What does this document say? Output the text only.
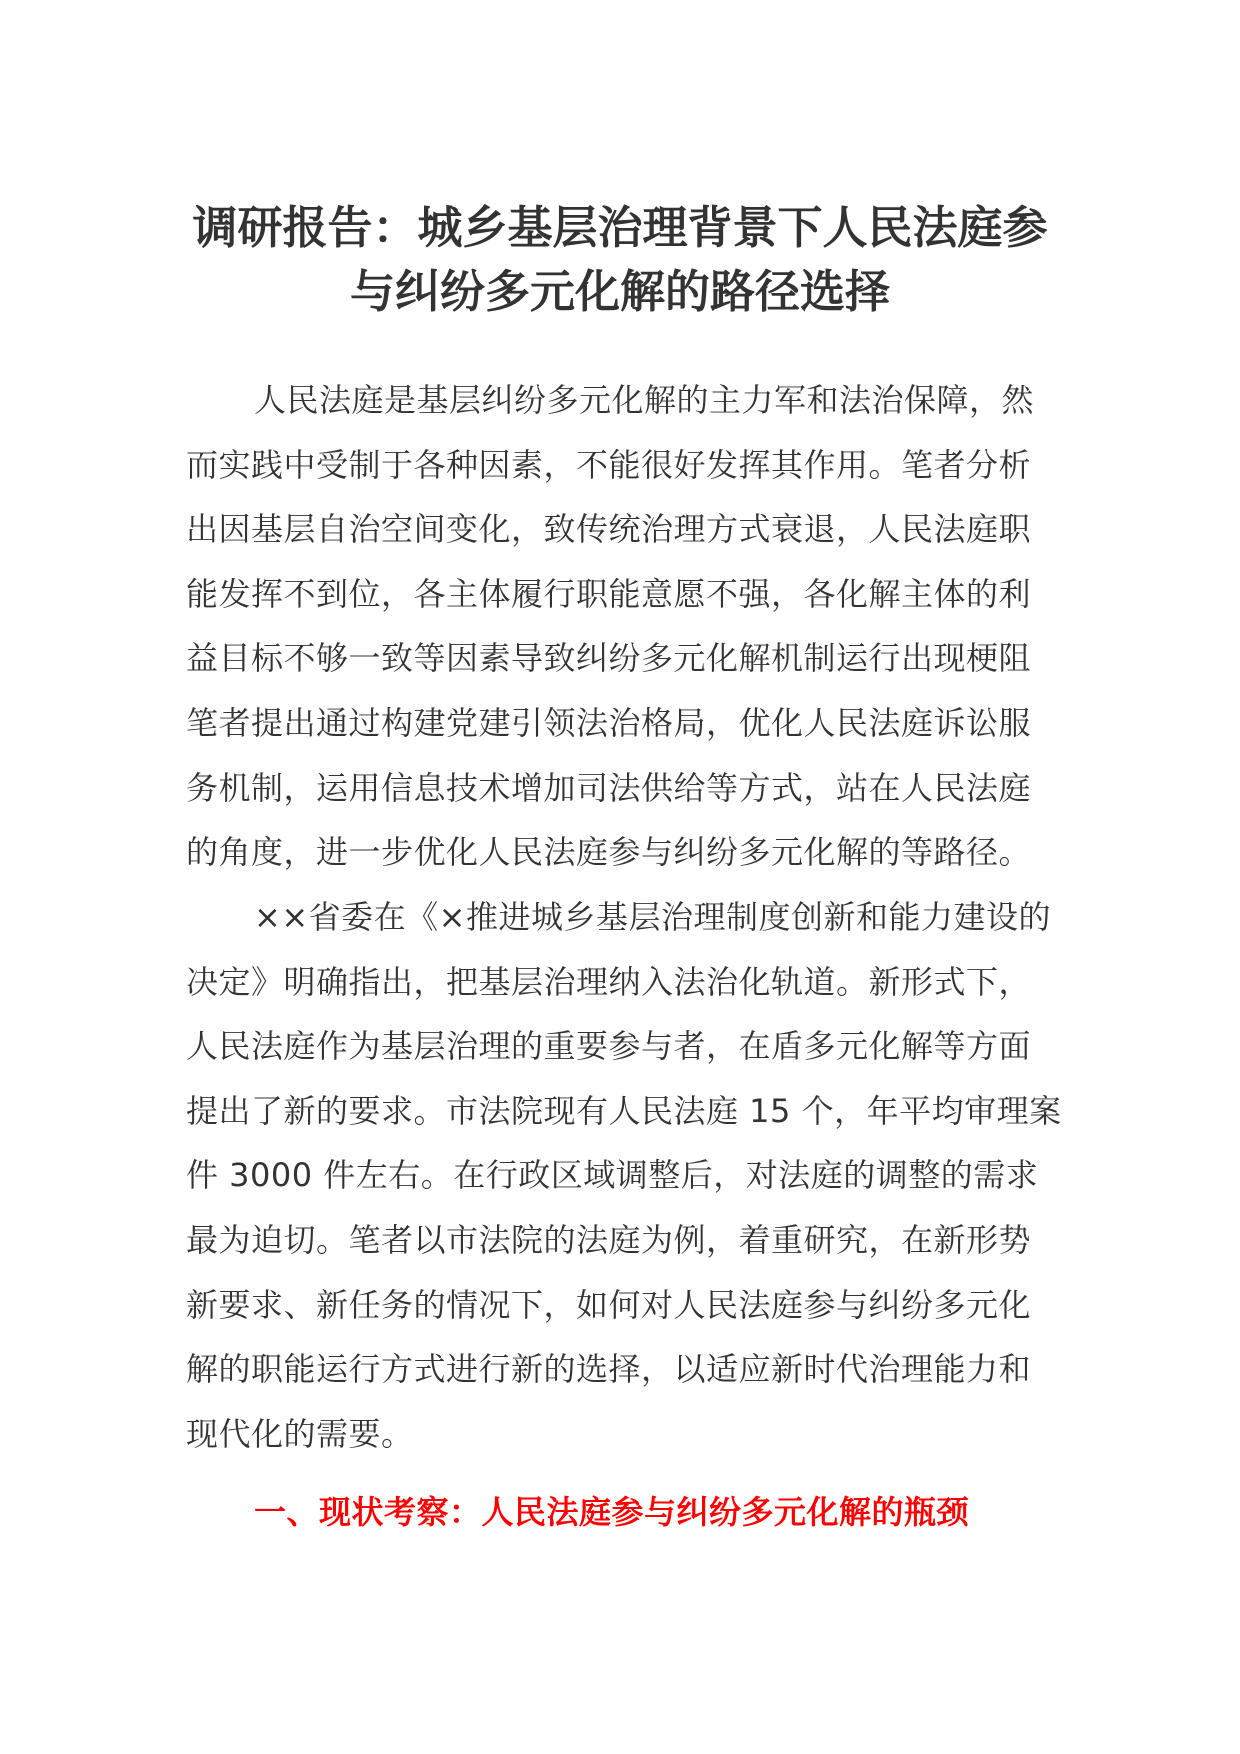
调研报告：城乡基层治理背景下人民法庭参
与纠纷多元化解的路径选择
人民法庭是基层纠纷多元化解的主力军和法治保障，然
而实践中受制于各种因素，不能很好发挥其作用。笔者分析
出因基层自治空间变化，致传统治理方式衰退，人民法庭职
能发挥不到位，各主体履行职能意愿不强，各化解主体的利
益目标不够一致等因素导致纠纷多元化解机制运行出现梗阻
笔者提出通过构建党建引领法治格局，优化人民法庭诉讼服
务机制，运用信息技术增加司法供给等方式，站在人民法庭
的角度，进一步优化人民法庭参与纠纷多元化解的等路径。
××省委在《×推进城乡基层治理制度创新和能力建设的
决定》明确指出，把基层治理纳入法治化轨道。新形式下，
人民法庭作为基层治理的重要参与者，在盾多元化解等方面
提出了新的要求。市法院现有人民法庭 15 个，年平均审理案
件 3000 件左右。在行政区域调整后，对法庭的调整的需求
最为迫切。笔者以市法院的法庭为例，着重研究，在新形势
新要求、新任务的情况下，如何对人民法庭参与纠纷多元化
解的职能运行方式进行新的选择，以适应新时代治理能力和
现代化的需要。
一、现状考察：人民法庭参与纠纷多元化解的瓶颈
